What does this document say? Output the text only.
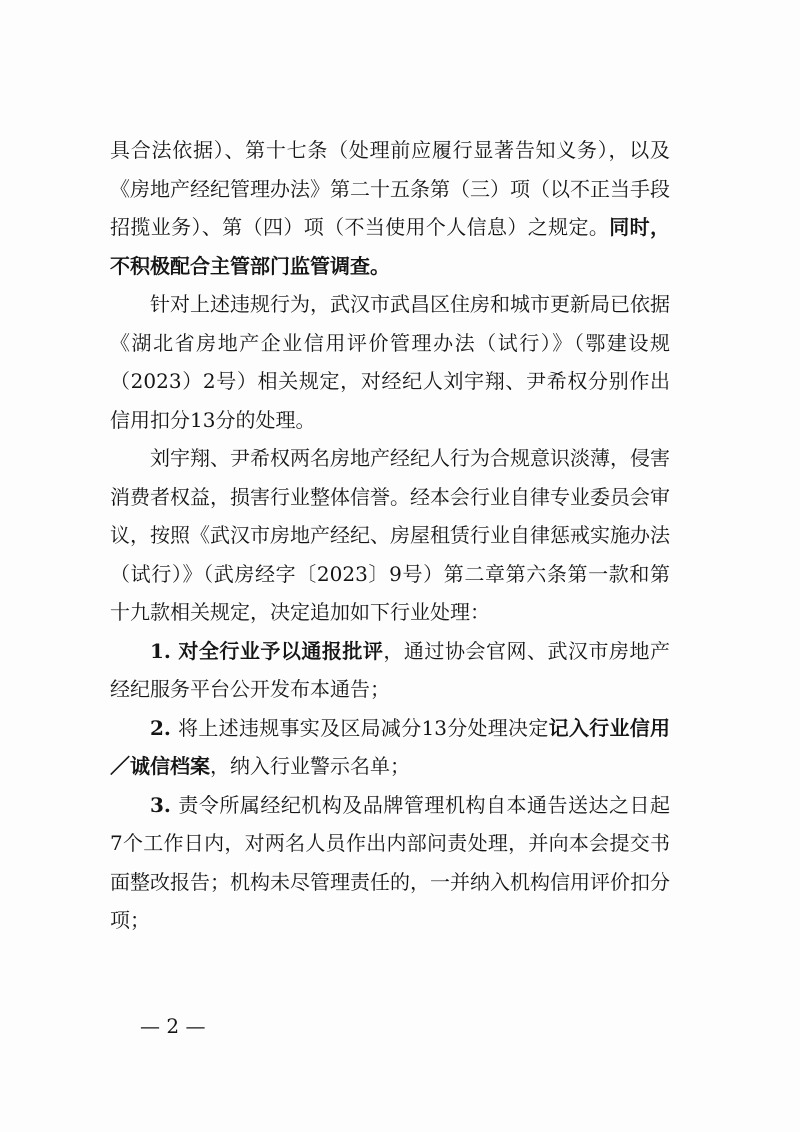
具合法依据）、第十七条（处理前应履行显著告知义务），以及《房地产经纪管理办法》第二十五条第（三）项（以不正当手段招揽业务）、第（四）项（不当使用个人信息）之规定。同时，不积极配合主管部门监管调查。

针对上述违规行为，武汉市武昌区住房和城市更新局已依据《湖北省房地产企业信用评价管理办法（试行）》（鄂建设规（2023）2号）相关规定，对经纪人刘宇翔、尹希权分别作出信用扣分13分的处理。

刘宇翔、尹希权两名房地产经纪人行为合规意识淡薄，侵害消费者权益，损害行业整体信誉。经本会行业自律专业委员会审议，按照《武汉市房地产经纪、房屋租赁行业自律惩戒实施办法（试行）》（武房经字〔2023〕9号）第二章第六条第一款和第十九款相关规定，决定追加如下行业处理：

1. 对全行业予以通报批评，通过协会官网、武汉市房地产经纪服务平台公开发布本通告；

2. 将上述违规事实及区局减分13分处理决定记入行业信用／诚信档案，纳入行业警示名单；

3. 责令所属经纪机构及品牌管理机构自本通告送达之日起7个工作日内，对两名人员作出内部问责处理，并向本会提交书面整改报告；机构未尽管理责任的，一并纳入机构信用评价扣分项；

— 2 —
